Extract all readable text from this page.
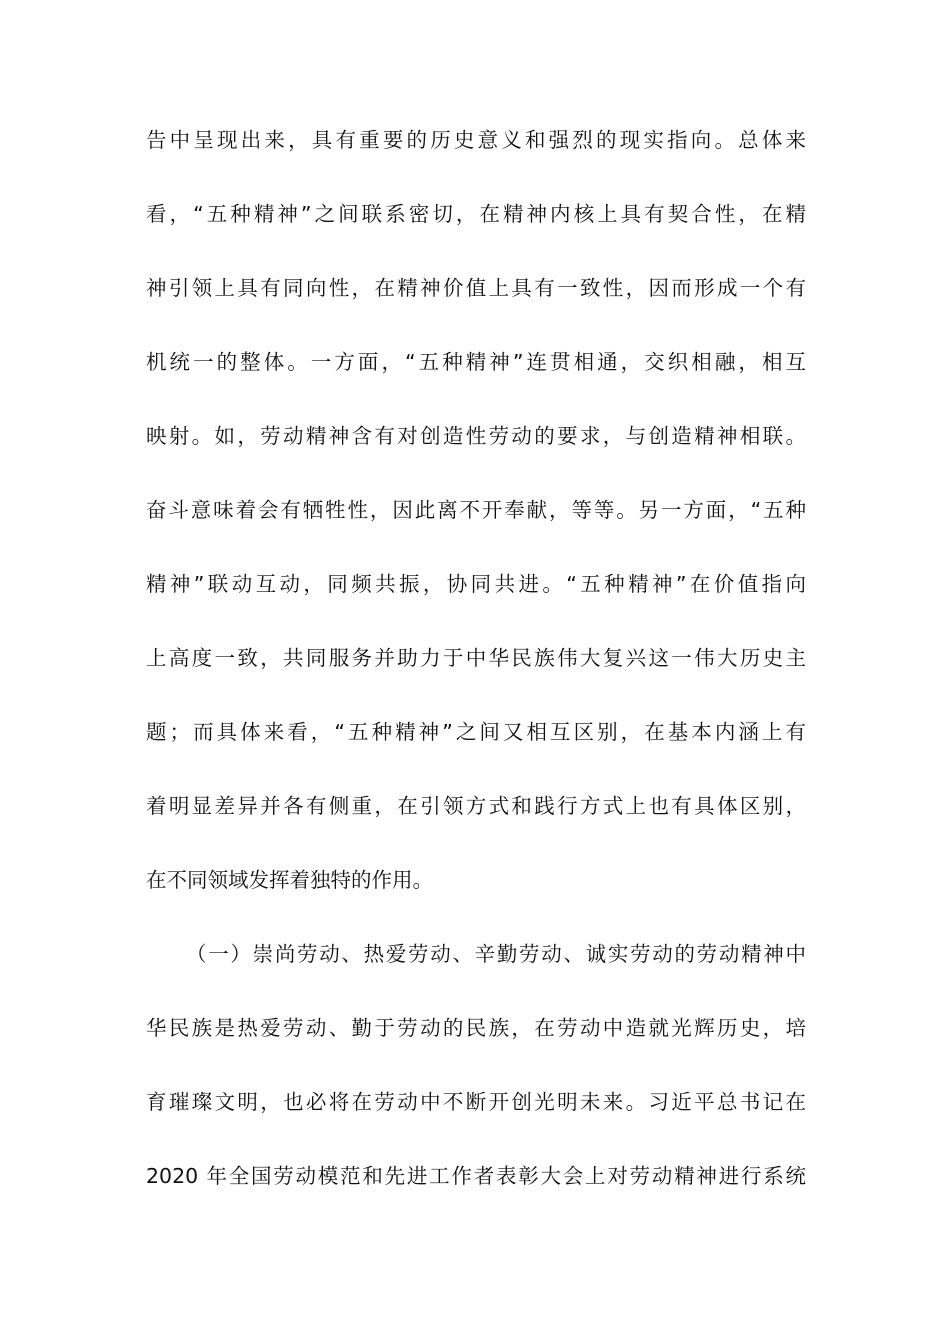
告中呈现出来，具有重要的历史意义和强烈的现实指向。总体来
看，“五种精神”之间联系密切，在精神内核上具有契合性，在精
神引领上具有同向性，在精神价值上具有一致性，因而形成一个有
机统一的整体。一方面，“五种精神”连贯相通，交织相融，相互
映射。如，劳动精神含有对创造性劳动的要求，与创造精神相联。
奋斗意味着会有牺牲性，因此离不开奉献，等等。另一方面，“五种
精神”联动互动，同频共振，协同共进。“五种精神”在价值指向
上高度一致，共同服务并助力于中华民族伟大复兴这一伟大历史主
题；而具体来看，“五种精神”之间又相互区别，在基本内涵上有
着明显差异并各有侧重，在引领方式和践行方式上也有具体区别，
在不同领域发挥着独特的作用。
（一）崇尚劳动、热爱劳动、辛勤劳动、诚实劳动的劳动精神中
华民族是热爱劳动、勤于劳动的民族，在劳动中造就光辉历史，培
育璀璨文明，也必将在劳动中不断开创光明未来。习近平总书记在
2020 年全国劳动模范和先进工作者表彰大会上对劳动精神进行系统
